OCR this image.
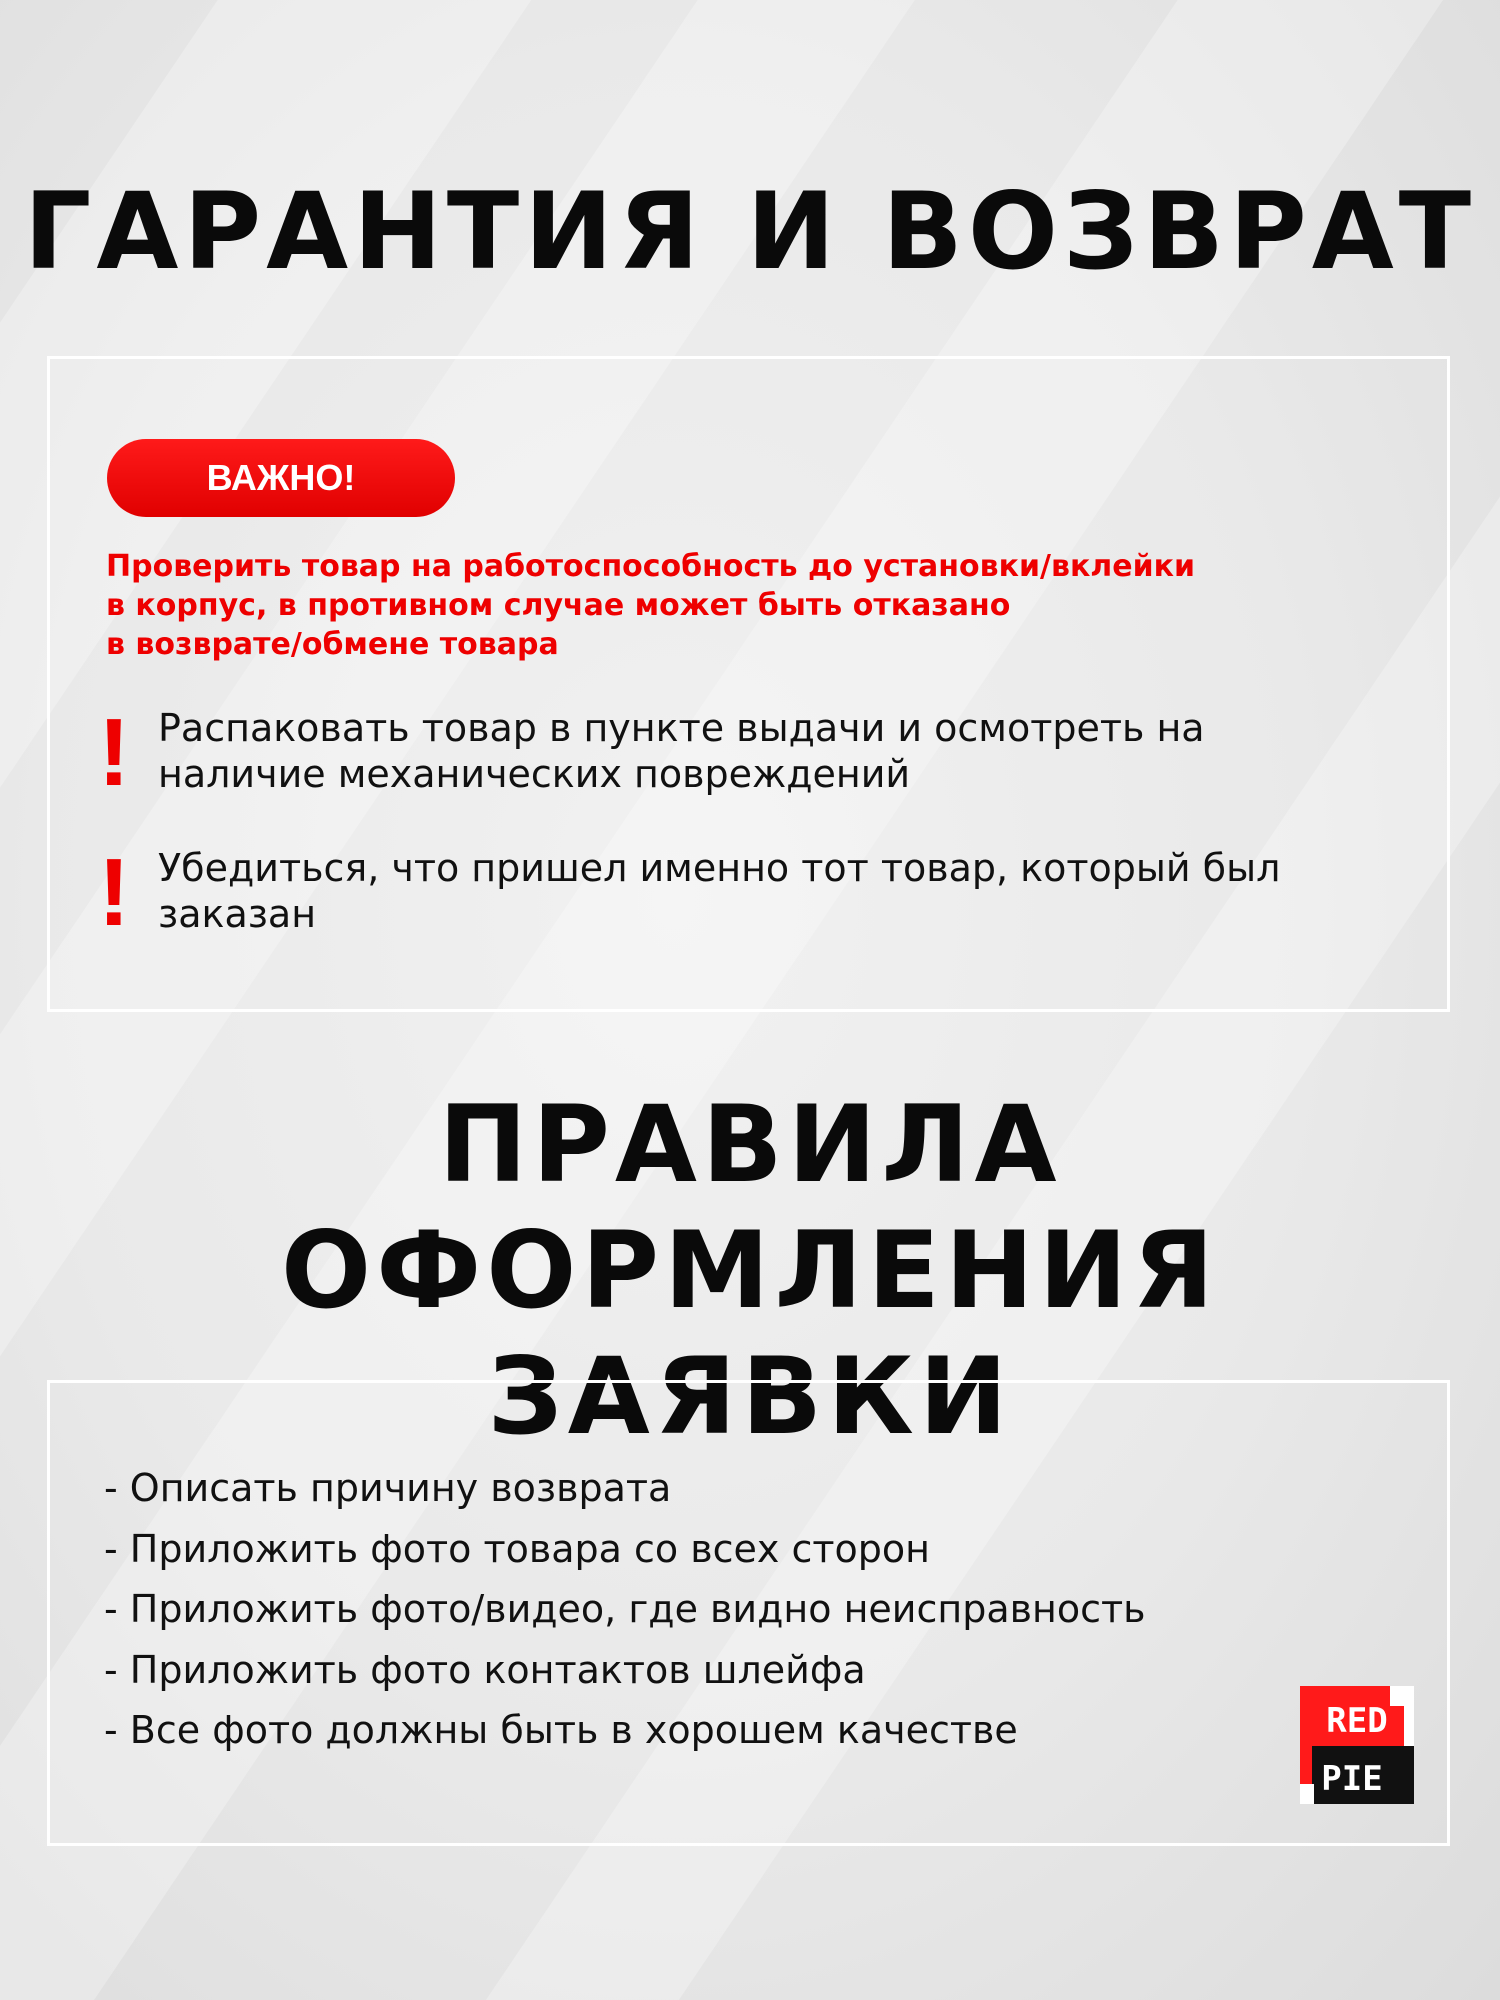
ГАРАНТИЯ И ВОЗВРАТ
ВАЖНО!
Проверить товар на работоспособность до установки/вклейки
в корпус, в противном случае может быть отказано
в возврате/обмене товара
! Распаковать товар в пункте выдачи и осмотреть на
наличие механических повреждений
! Убедиться, что пришел именно тот товар, который был
заказан
ПРАВИЛА
ОФОРМЛЕНИЯ ЗАЯВКИ
- Описать причину возврата
- Приложить фото товара со всех сторон
- Приложить фото/видео, где видно неисправность
- Приложить фото контактов шлейфа
- Все фото должны быть в хорошем качестве	RED
PIE
